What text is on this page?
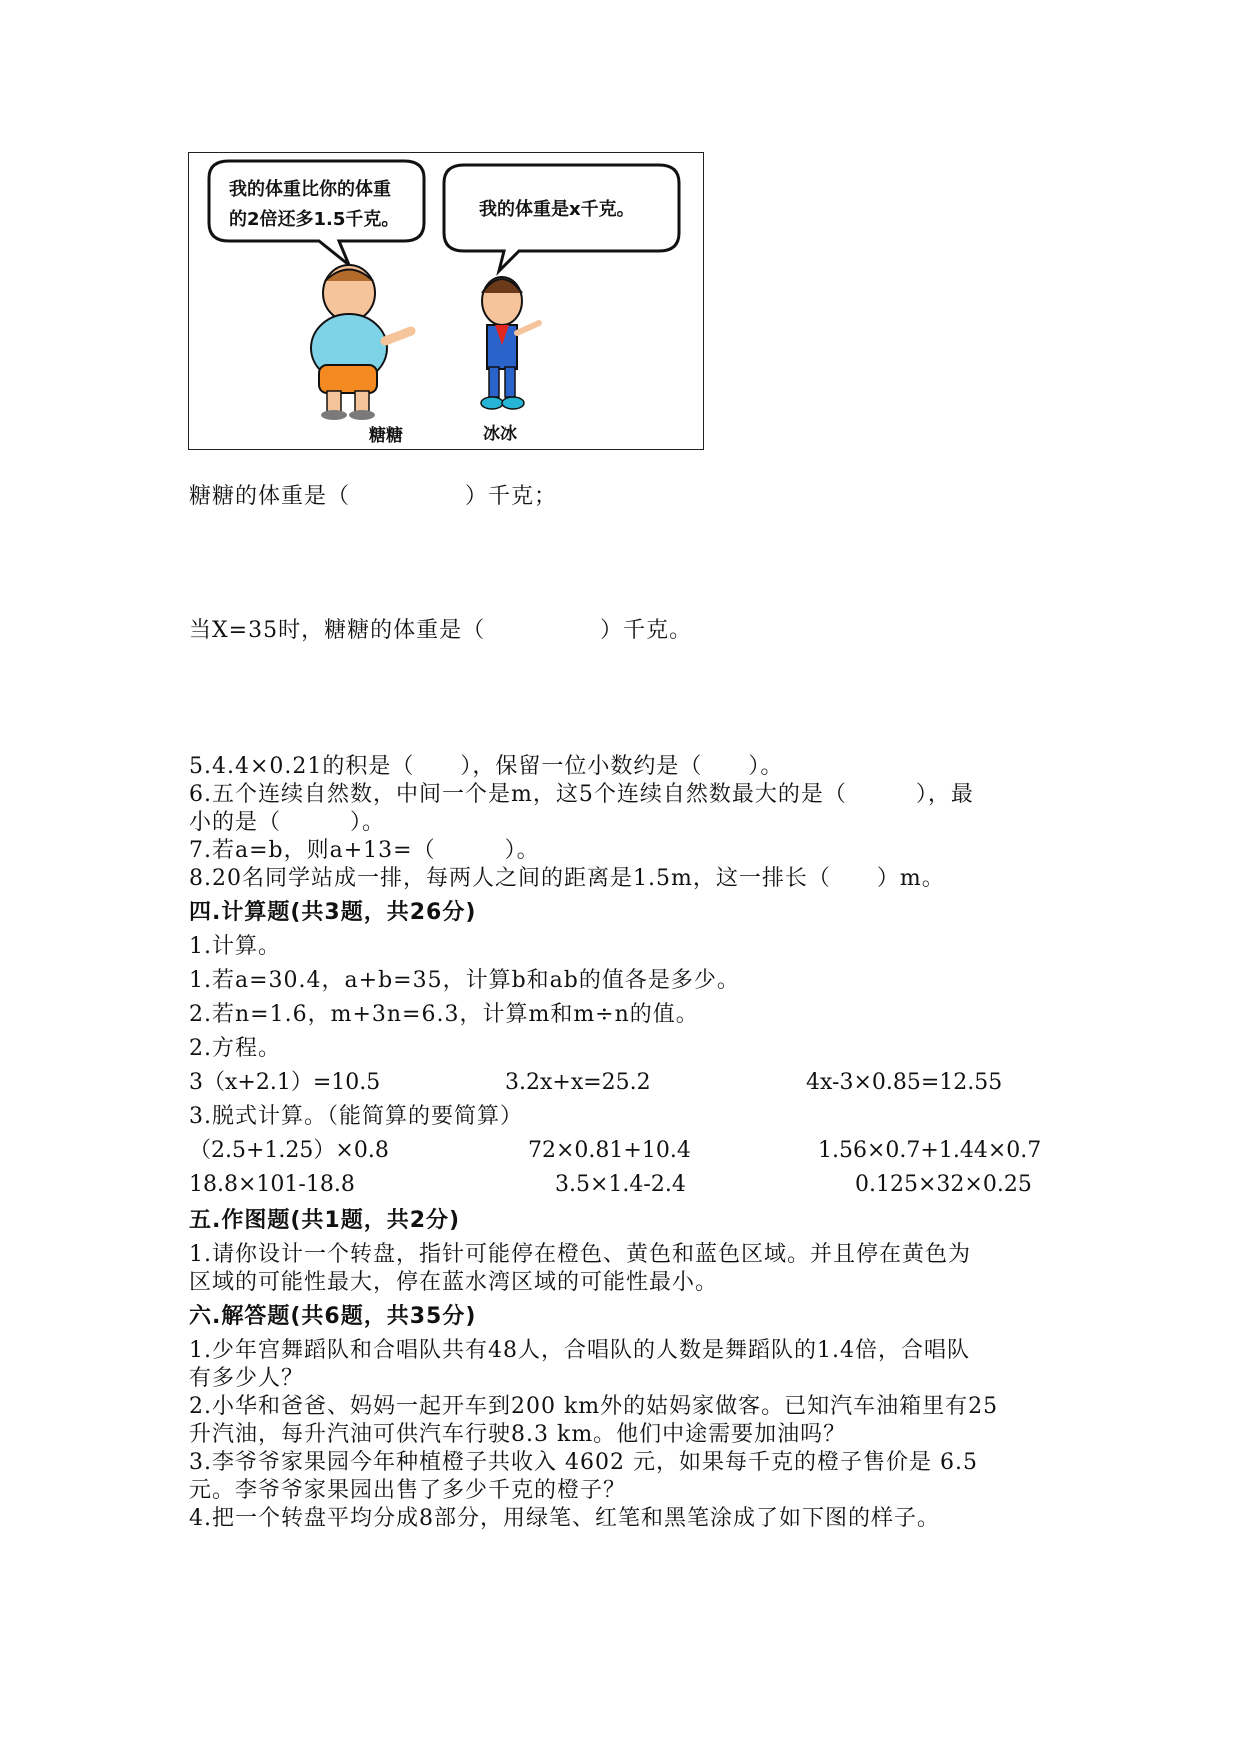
我的体重比你的体重
的2倍还多1.5千克。	我的体重是x千克。
糖糖	冰冰
糖糖的体重是（　　　　　）千克；
当X=35时，糖糖的体重是（　　　　　）千克。
5.4.4×0.21的积是（　　），保留一位小数约是（　　）。
6.五个连续自然数，中间一个是m，这5个连续自然数最大的是（　　　），最
小的是（　　　）。
7.若a=b，则a+13=（　　　）。
8.20名同学站成一排，每两人之间的距离是1.5m，这一排长（　　）m。
四.计算题(共3题，共26分)
1.计算。
1.若a=30.4，a+b=35，计算b和ab的值各是多少。
2.若n=1.6，m+3n=6.3，计算m和m÷n的值。
2.方程。
3（x+2.1）=10.5	3.2x+x=25.2	4x-3×0.85=12.55
3.脱式计算。（能简算的要简算）
（2.5+1.25）×0.8	72×0.81+10.4	1.56×0.7+1.44×0.7
18.8×101-18.8	3.5×1.4-2.4	0.125×32×0.25
五.作图题(共1题，共2分)
1.请你设计一个转盘，指针可能停在橙色、黄色和蓝色区域。并且停在黄色为
区域的可能性最大，停在蓝水湾区域的可能性最小。
六.解答题(共6题，共35分)
1.少年宫舞蹈队和合唱队共有48人，合唱队的人数是舞蹈队的1.4倍，合唱队
有多少人？
2.小华和爸爸、妈妈一起开车到200 km外的姑妈家做客。已知汽车油箱里有25
升汽油，每升汽油可供汽车行驶8.3 km。他们中途需要加油吗？
3.李爷爷家果园今年种植橙子共收入 4602 元，如果每千克的橙子售价是 6.5
元。李爷爷家果园出售了多少千克的橙子？
4.把一个转盘平均分成8部分，用绿笔、红笔和黑笔涂成了如下图的样子。
